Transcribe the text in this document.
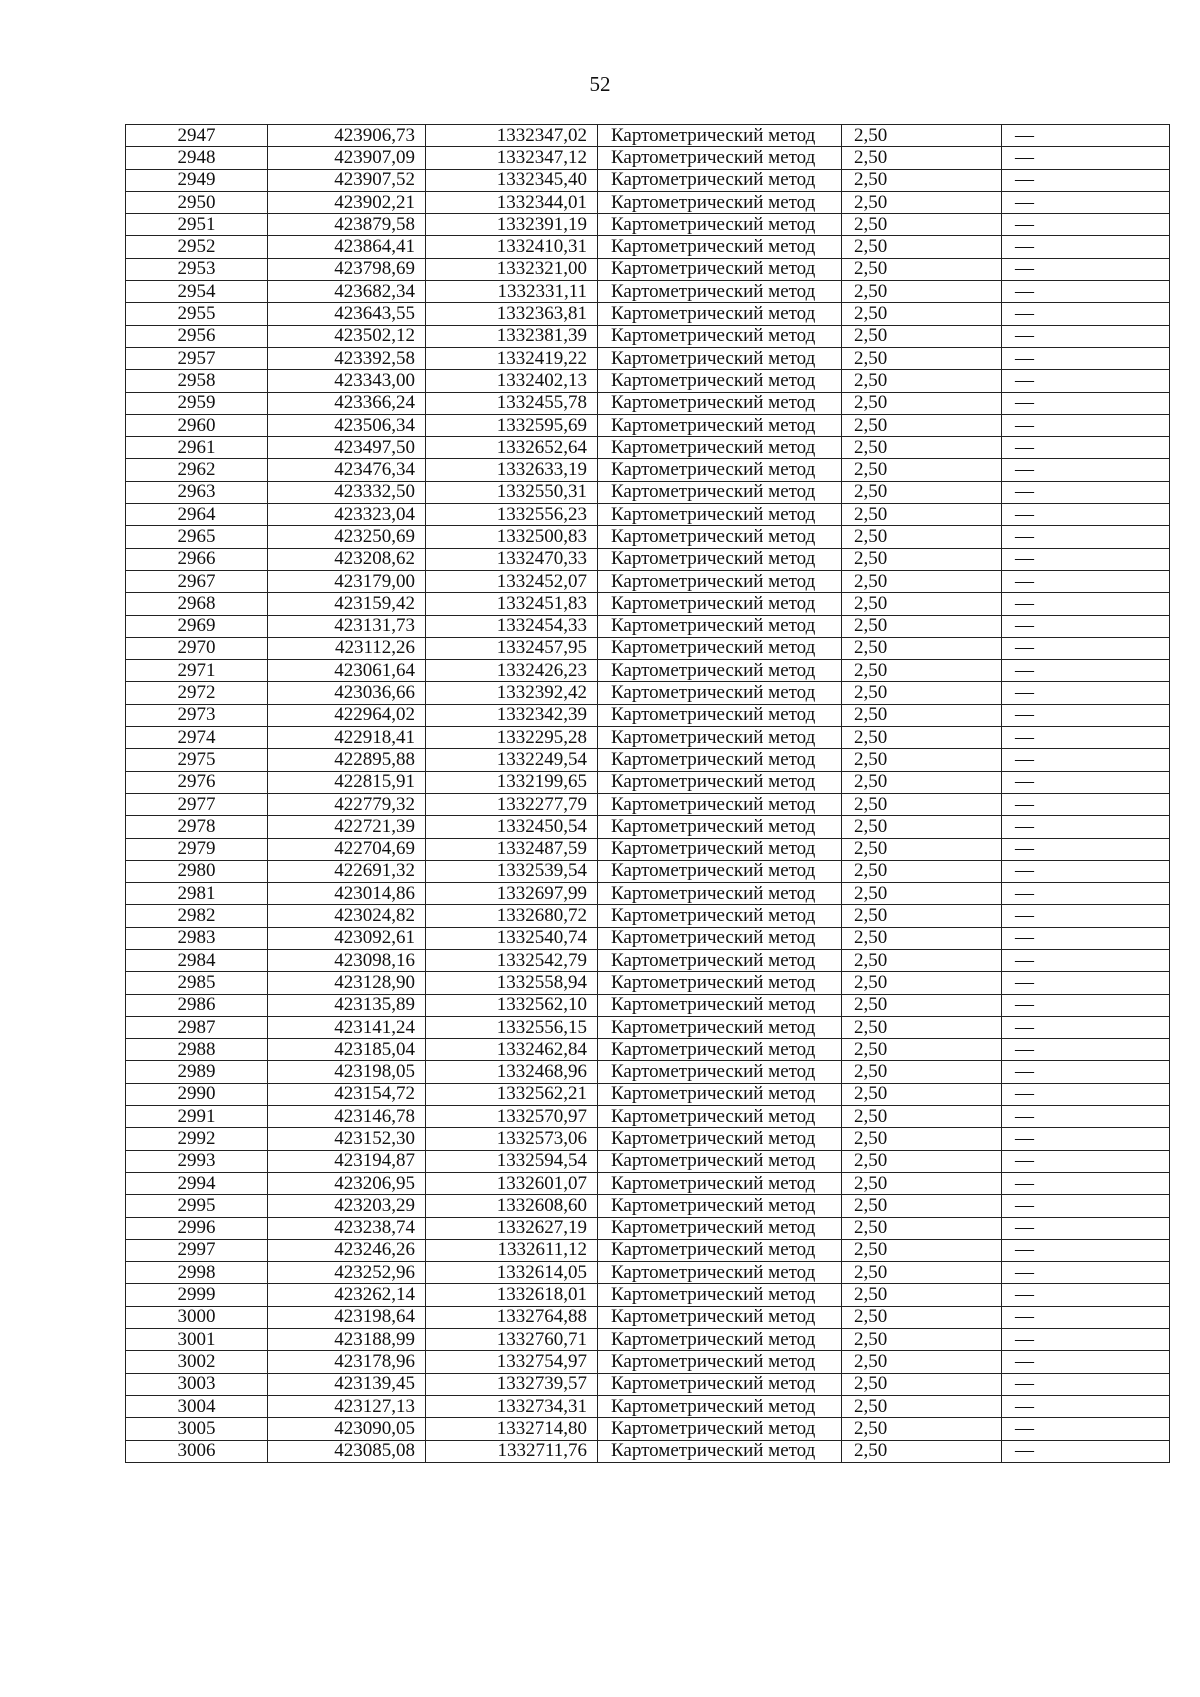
52
2947	423906,73	1332347,02	Картометрический метод	2,50	—
2948	423907,09	1332347,12	Картометрический метод	2,50	—
2949	423907,52	1332345,40	Картометрический метод	2,50	—
2950	423902,21	1332344,01	Картометрический метод	2,50	—
2951	423879,58	1332391,19	Картометрический метод	2,50	—
2952	423864,41	1332410,31	Картометрический метод	2,50	—
2953	423798,69	1332321,00	Картометрический метод	2,50	—
2954	423682,34	1332331,11	Картометрический метод	2,50	—
2955	423643,55	1332363,81	Картометрический метод	2,50	—
2956	423502,12	1332381,39	Картометрический метод	2,50	—
2957	423392,58	1332419,22	Картометрический метод	2,50	—
2958	423343,00	1332402,13	Картометрический метод	2,50	—
2959	423366,24	1332455,78	Картометрический метод	2,50	—
2960	423506,34	1332595,69	Картометрический метод	2,50	—
2961	423497,50	1332652,64	Картометрический метод	2,50	—
2962	423476,34	1332633,19	Картометрический метод	2,50	—
2963	423332,50	1332550,31	Картометрический метод	2,50	—
2964	423323,04	1332556,23	Картометрический метод	2,50	—
2965	423250,69	1332500,83	Картометрический метод	2,50	—
2966	423208,62	1332470,33	Картометрический метод	2,50	—
2967	423179,00	1332452,07	Картометрический метод	2,50	—
2968	423159,42	1332451,83	Картометрический метод	2,50	—
2969	423131,73	1332454,33	Картометрический метод	2,50	—
2970	423112,26	1332457,95	Картометрический метод	2,50	—
2971	423061,64	1332426,23	Картометрический метод	2,50	—
2972	423036,66	1332392,42	Картометрический метод	2,50	—
2973	422964,02	1332342,39	Картометрический метод	2,50	—
2974	422918,41	1332295,28	Картометрический метод	2,50	—
2975	422895,88	1332249,54	Картометрический метод	2,50	—
2976	422815,91	1332199,65	Картометрический метод	2,50	—
2977	422779,32	1332277,79	Картометрический метод	2,50	—
2978	422721,39	1332450,54	Картометрический метод	2,50	—
2979	422704,69	1332487,59	Картометрический метод	2,50	—
2980	422691,32	1332539,54	Картометрический метод	2,50	—
2981	423014,86	1332697,99	Картометрический метод	2,50	—
2982	423024,82	1332680,72	Картометрический метод	2,50	—
2983	423092,61	1332540,74	Картометрический метод	2,50	—
2984	423098,16	1332542,79	Картометрический метод	2,50	—
2985	423128,90	1332558,94	Картометрический метод	2,50	—
2986	423135,89	1332562,10	Картометрический метод	2,50	—
2987	423141,24	1332556,15	Картометрический метод	2,50	—
2988	423185,04	1332462,84	Картометрический метод	2,50	—
2989	423198,05	1332468,96	Картометрический метод	2,50	—
2990	423154,72	1332562,21	Картометрический метод	2,50	—
2991	423146,78	1332570,97	Картометрический метод	2,50	—
2992	423152,30	1332573,06	Картометрический метод	2,50	—
2993	423194,87	1332594,54	Картометрический метод	2,50	—
2994	423206,95	1332601,07	Картометрический метод	2,50	—
2995	423203,29	1332608,60	Картометрический метод	2,50	—
2996	423238,74	1332627,19	Картометрический метод	2,50	—
2997	423246,26	1332611,12	Картометрический метод	2,50	—
2998	423252,96	1332614,05	Картометрический метод	2,50	—
2999	423262,14	1332618,01	Картометрический метод	2,50	—
3000	423198,64	1332764,88	Картометрический метод	2,50	—
3001	423188,99	1332760,71	Картометрический метод	2,50	—
3002	423178,96	1332754,97	Картометрический метод	2,50	—
3003	423139,45	1332739,57	Картометрический метод	2,50	—
3004	423127,13	1332734,31	Картометрический метод	2,50	—
3005	423090,05	1332714,80	Картометрический метод	2,50	—
3006	423085,08	1332711,76	Картометрический метод	2,50	—
